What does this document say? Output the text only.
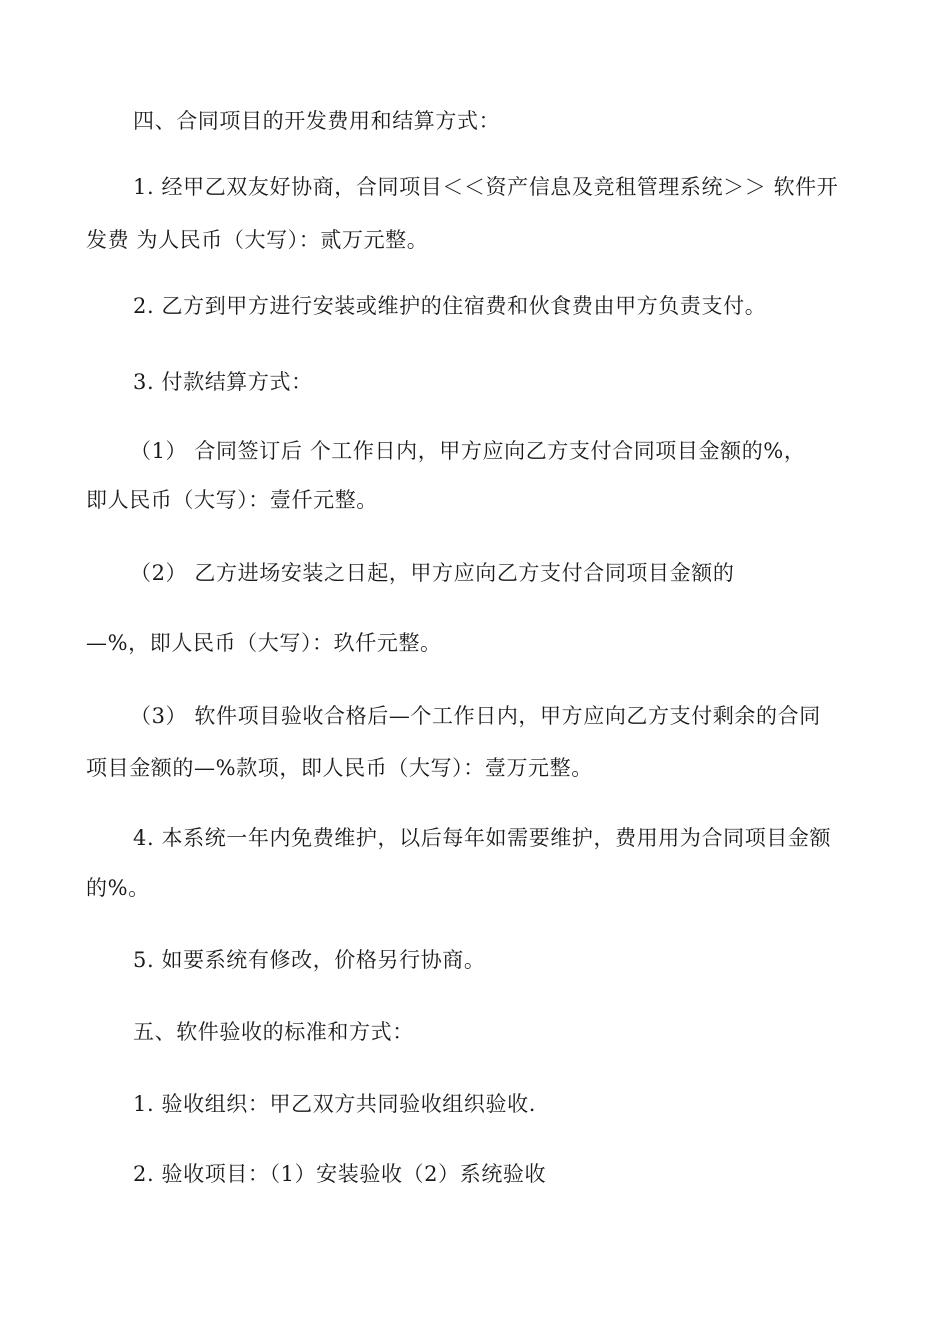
四、合同项目的开发费用和结算方式：
1. 经甲乙双友好协商，合同项目＜＜资产信息及竞租管理系统＞＞ 软件开
发费 为人民币（大写）：贰万元整。
2. 乙方到甲方进行安装或维护的住宿费和伙食费由甲方负责支付。
3. 付款结算方式：
（1） 合同签订后 个工作日内，甲方应向乙方支付合同项目金额的%，
即人民币（大写）：壹仟元整。
（2） 乙方进场安装之日起，甲方应向乙方支付合同项目金额的
—%，即人民币（大写）：玖仟元整。
（3） 软件项目验收合格后—个工作日内，甲方应向乙方支付剩余的合同
项目金额的—%款项，即人民币（大写）：壹万元整。
4. 本系统一年内免费维护，以后每年如需要维护，费用用为合同项目金额
的%。
5. 如要系统有修改，价格另行协商。
五、软件验收的标准和方式：
1. 验收组织：甲乙双方共同验收组织验收.
2. 验收项目：（1）安装验收（2）系统验收
